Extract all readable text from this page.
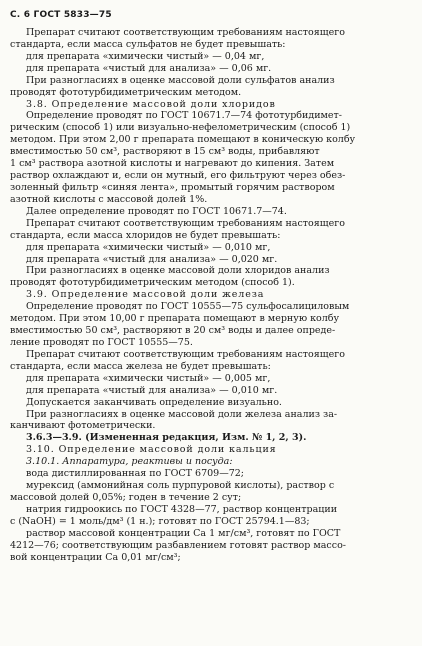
С. 6 ГОСТ 5833—75

Препарат считают соответствующим требованиям настоящего

стандарта, если масса сульфатов не будет превышать:

для препарата «химически чистый» — 0,04 мг,

для препарата «чистый для анализа» — 0,06 мг.

При разногласиях в оценке массовой доли сульфатов анализ

проводят фототурбидиметрическим методом.

3.8. Определение массовой доли хлоридов

Определение проводят по ГОСТ 10671.7—74 фототурбидимет-

рическим (способ 1) или визуально-нефелометрическим (способ 1)

методом. При этом 2,00 г препарата помещают в коническую колбу

вместимостью 50 см³, растворяют в 15 см³ воды, прибавляют

1 см³ раствора азотной кислоты и нагревают до кипения. Затем

раствор охлаждают и, если он мутный, его фильтруют через обез-

золенный фильтр «синяя лента», промытый горячим раствором

азотной кислоты с массовой долей 1%.

Далее определение проводят по ГОСТ 10671.7—74.

Препарат считают соответствующим требованиям настоящего

стандарта, если масса хлоридов не будет превышать:

для препарата «химически чистый» — 0,010 мг,

для препарата «чистый для анализа» — 0,020 мг.

При разногласиях в оценке массовой доли хлоридов анализ

проводят фототурбидиметрическим методом (способ 1).

3.9. Определение массовой доли железа

Определение проводят по ГОСТ 10555—75 сульфосалициловым

методом. При этом 10,00 г препарата помещают в мерную колбу

вместимостью 50 см³, растворяют в 20 см³ воды и далее опреде-

ление проводят по ГОСТ 10555—75.

Препарат считают соответствующим требованиям настоящего

стандарта, если масса железа не будет превышать:

для препарата «химически чистый» — 0,005 мг,

для препарата «чистый для анализа» — 0,010 мг.

Допускается заканчивать определение визуально.

При разногласиях в оценке массовой доли железа анализ за-

канчивают фотометрически.

3.6.3—3.9. (Измененная редакция, Изм. № 1, 2, 3).

3.10. Определение массовой доли кальция

3.10.1. Аппаратура, реактивы и посуда:

вода дистиллированная по ГОСТ 6709—72;

мурексид (аммонийная соль пурпуровой кислоты), раствор с

массовой долей 0,05%; годен в течение 2 сут;

натрия гидроокись по ГОСТ 4328—77, раствор концентрации

с (NaOH) = 1 моль/дм³ (1 н.); готовят по ГОСТ 25794.1—83;

раствор массовой концентрации Са 1 мг/см³, готовят по ГОСТ

4212—76; соответствующим разбавлением готовят раствор массо-

вой концентрации Са 0,01 мг/см³;
